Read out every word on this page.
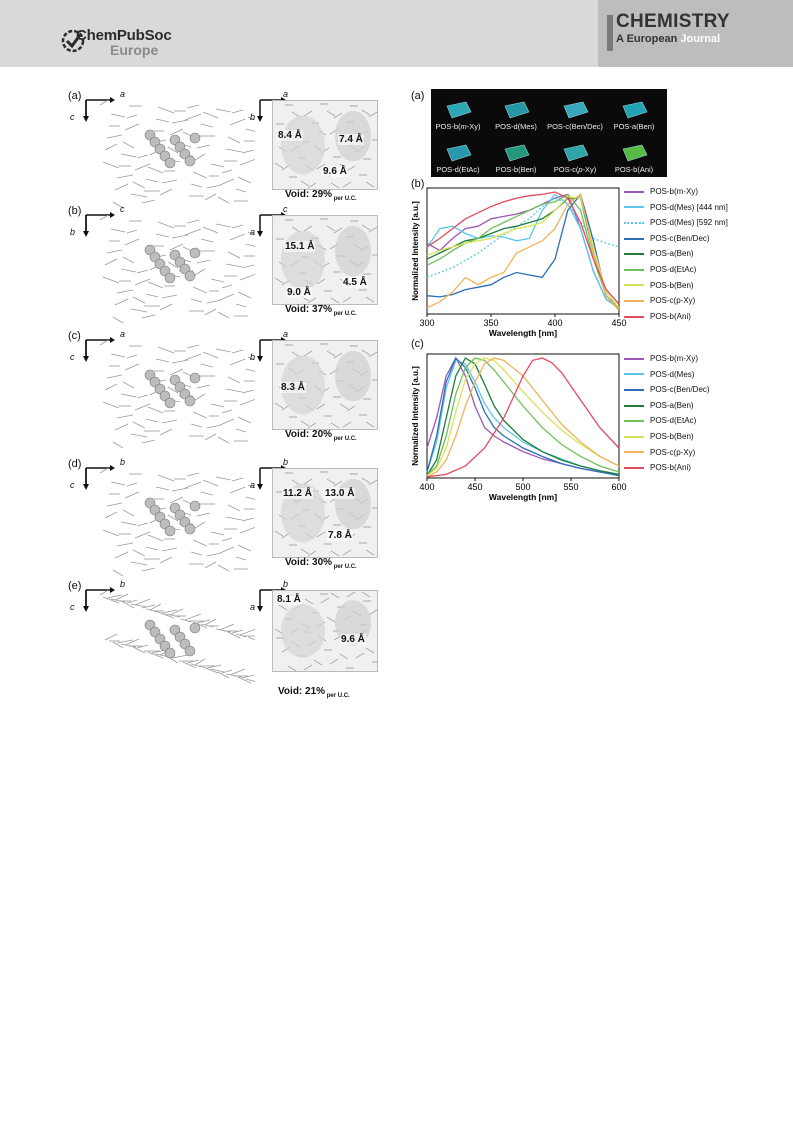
ChemPubSoc
Europe
CHEMISTRY
A European Journal
(a)	a
c
a
b
8.4 Å	7.4 Å
9.6 Å
Void: 29% $_{per U.C.}$
(b)	c
b
c
a
15.1 Å
4.5 Å
9.0 Å
Void: 37% $_{per U.C.}$
(c)	a
c
a
b
8.3 Å
Void: 20% $_{per U.C.}$
(d)	b
c
b
a
11.2 Å 13.0 Å
7.8 Å
Void: 30% $_{per U.C.}$
(e)	b
c
b
a
8.1 Å
9.6 Å
Void: 21% $_{per U.C.}$
(a)
POS-b(m-Xy)	POS-d(Mes)	POS-c(Ben/Dec)	POS-a(Ben)
POS-d(EtAc)	POS-b(Ben)	POS-c(p-Xy)	POS-b(Ani)
(b)
300	350	400	450
Wavelength [nm]
Normalized Intensity [a.u.]
POS-b(m-Xy)
POS-d(Mes) [444 nm]
POS-d(Mes) [592 nm]
POS-c(Ben/Dec)
POS-a(Ben)
POS-d(EtAc)
POS-b(Ben)
POS-c(p-Xy)
POS-b(Ani)
(c)
400	450	500	550	600
Wavelength [nm]
Normalized Intensity [a.u.]
POS-b(m-Xy)
POS-d(Mes)
POS-c(Ben/Dec)
POS-a(Ben)
POS-d(EtAc)
POS-b(Ben)
POS-c(p-Xy)
POS-b(Ani)
